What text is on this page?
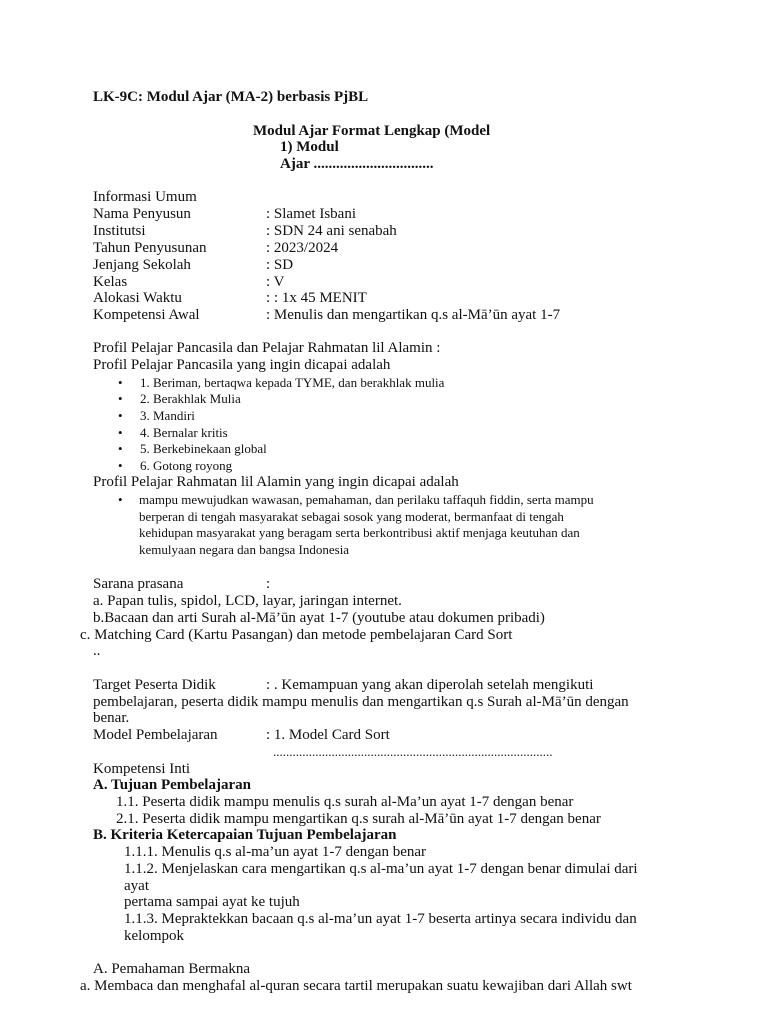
LK-9C: Modul Ajar (MA-2) berbasis PjBL
Modul Ajar Format Lengkap (Model
1) Modul
Ajar ................................
Informasi Umum
Nama Penyusun	: Slamet Isbani
Institutsi	: SDN 24 ani senabah
Tahun Penyusunan	: 2023/2024
Jenjang Sekolah	: SD
Kelas	: V
Alokasi Waktu	: : 1x 45 MENIT
Kompetensi Awal	: Menulis dan mengartikan q.s al-Mā’ūn ayat 1-7
Profil Pelajar Pancasila dan Pelajar Rahmatan lil Alamin :
Profil Pelajar Pancasila yang ingin dicapai adalah
• 1. Beriman, bertaqwa kepada TYME, dan berakhlak mulia
• 2. Berakhlak Mulia
• 3. Mandiri
• 4. Bernalar kritis
• 5. Berkebinekaan global
• 6. Gotong royong
Profil Pelajar Rahmatan lil Alamin yang ingin dicapai adalah
• mampu mewujudkan wawasan, pemahaman, dan perilaku taffaquh fiddin, serta mampu
berperan di tengah masyarakat sebagai sosok yang moderat, bermanfaat di tengah
kehidupan masyarakat yang beragam serta berkontribusi aktif menjaga keutuhan dan
kemulyaan negara dan bangsa Indonesia
Sarana prasana	:
a. Papan tulis, spidol, LCD, layar, jaringan internet.
b.Bacaan dan arti Surah al-Mā’ūn ayat 1-7 (youtube atau dokumen pribadi)
c. Matching Card (Kartu Pasangan) dan metode pembelajaran Card Sort
..
Target Peserta Didik	: . Kemampuan yang akan diperolah setelah mengikuti
pembelajaran, peserta didik mampu menulis dan mengartikan q.s Surah al-Mā’ūn dengan
benar.
Model Pembelajaran	: 1. Model Card Sort
......................................................................................
Kompetensi Inti
A. Tujuan Pembelajaran
1.1. Peserta didik mampu menulis q.s surah al-Ma’un ayat 1-7 dengan benar
2.1. Peserta didik mampu mengartikan q.s surah al-Mā’ūn ayat 1-7 dengan benar
B. Kriteria Ketercapaian Tujuan Pembelajaran
1.1.1. Menulis q.s al-ma’un ayat 1-7 dengan benar
1.1.2. Menjelaskan cara mengartikan q.s al-ma’un ayat 1-7 dengan benar dimulai dari
ayat
pertama sampai ayat ke tujuh
1.1.3. Mepraktekkan bacaan q.s al-ma’un ayat 1-7 beserta artinya secara individu dan
kelompok
A. Pemahaman Bermakna
a. Membaca dan menghafal al-quran secara tartil merupakan suatu kewajiban dari Allah swt
